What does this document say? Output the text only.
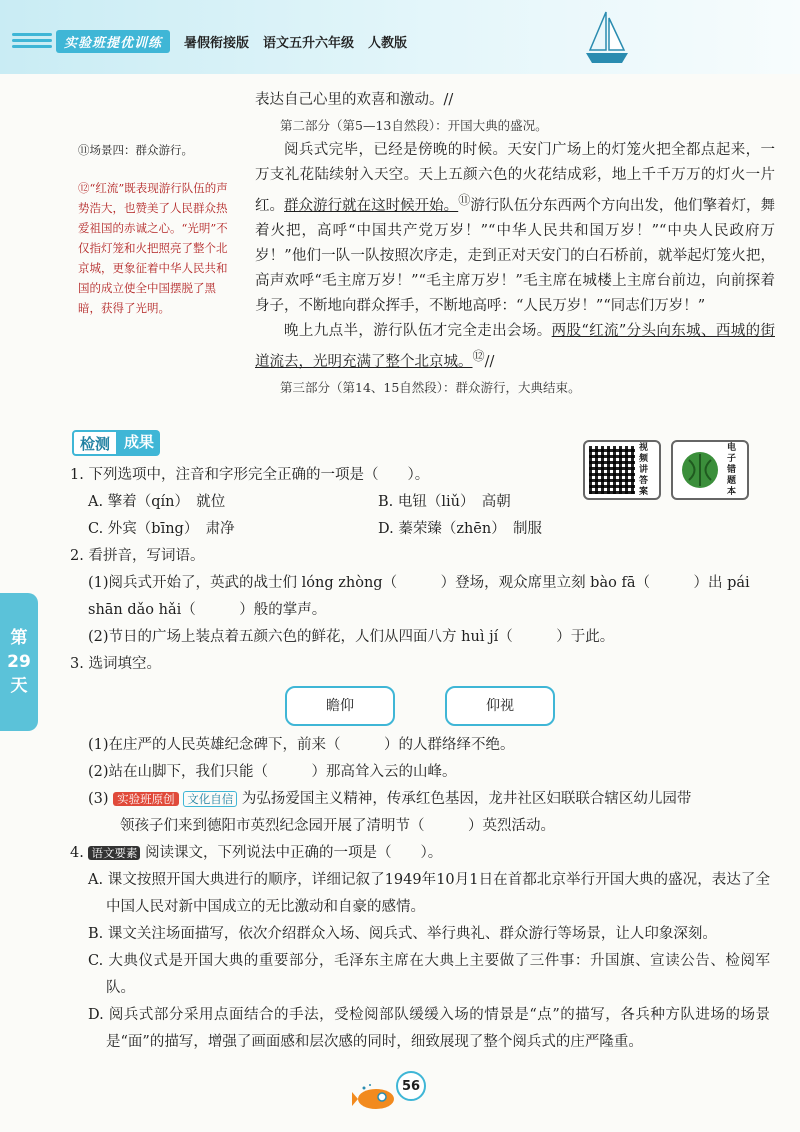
实验班提优训练	暑假衔接版 语文五升六年级 人教版
第
29
天
⑪场景四：群众游行。
⑫“红流”既表现游行队伍的声势浩大，也赞美了人民群众热爱祖国的赤诚之心。“光明”不仅指灯笼和火把照亮了整个北京城，更象征着中华人民共和国的成立使全中国摆脱了黑暗，获得了光明。

表达自己心里的欢喜和激动。//

第二部分（第5—13自然段）：开国大典的盛况。

阅兵式完毕，已经是傍晚的时候。天安门广场上的灯笼火把全都点起来，一万支礼花陆续射入天空。天上五颜六色的火花结成彩，地上千千万万的灯火一片红。群众游行就在这时候开始。⑪游行队伍分东西两个方向出发，他们擎着灯，舞着火把，高呼“中国共产党万岁！”“中华人民共和国万岁！”“中央人民政府万岁！”他们一队一队按照次序走，走到正对天安门的白石桥前，就举起灯笼火把，高声欢呼“毛主席万岁！”“毛主席万岁！”毛主席在城楼上主席台前边，向前探着身子，不断地向群众挥手，不断地高呼：“人民万岁！”“同志们万岁！”

晚上九点半，游行队伍才完全走出会场。两股“红流”分头向东城、西城的街道流去，光明充满了整个北京城。⑫//

第三部分（第14、15自然段）：群众游行，大典结束。

检测 成果	视频讲答案
电子错题本
1. 下列选项中，注音和字形完全正确的一项是（　　）。
A. 擎着（qín）　就位	B. 电钮（liǔ）　高朝
C. 外宾（bīng）　肃净	D. 蓁荣臻（zhēn）　制服
2. 看拼音，写词语。
(1)阅兵式开始了，英武的战士们 lóng zhòng（　　　）登场，观众席里立刻 bào fā（　　　）出 pái
shān dǎo hǎi（　　　）般的掌声。
(2)节日的广场上装点着五颜六色的鲜花，人们从四面八方 huì jí（　　　）于此。
3. 选词填空。
瞻仰	仰视
(1)在庄严的人民英雄纪念碑下，前来（　　　）的人群络绎不绝。
(2)站在山脚下，我们只能（　　　）那高耸入云的山峰。
(3) 实验班原创 文化自信 为弘扬爱国主义精神，传承红色基因，龙井社区妇联联合辖区幼儿园带
领孩子们来到德阳市英烈纪念园开展了清明节（　　　）英烈活动。
4. 语文要素 阅读课文，下列说法中正确的一项是（　　）。
A. 课文按照开国大典进行的顺序，详细记叙了1949年10月1日在首都北京举行开国大典的盛况，表达了全中国人民对新中国成立的无比激动和自豪的感情。
B. 课文关注场面描写，依次介绍群众入场、阅兵式、举行典礼、群众游行等场景，让人印象深刻。
C. 大典仪式是开国大典的重要部分，毛泽东主席在大典上主要做了三件事：升国旗、宣读公告、检阅军队。
D. 阅兵式部分采用点面结合的手法，受检阅部队缓缓入场的情景是“点”的描写，各兵种方队进场的场景是“面”的描写，增强了画面感和层次感的同时，细致展现了整个阅兵式的庄严隆重。
56
